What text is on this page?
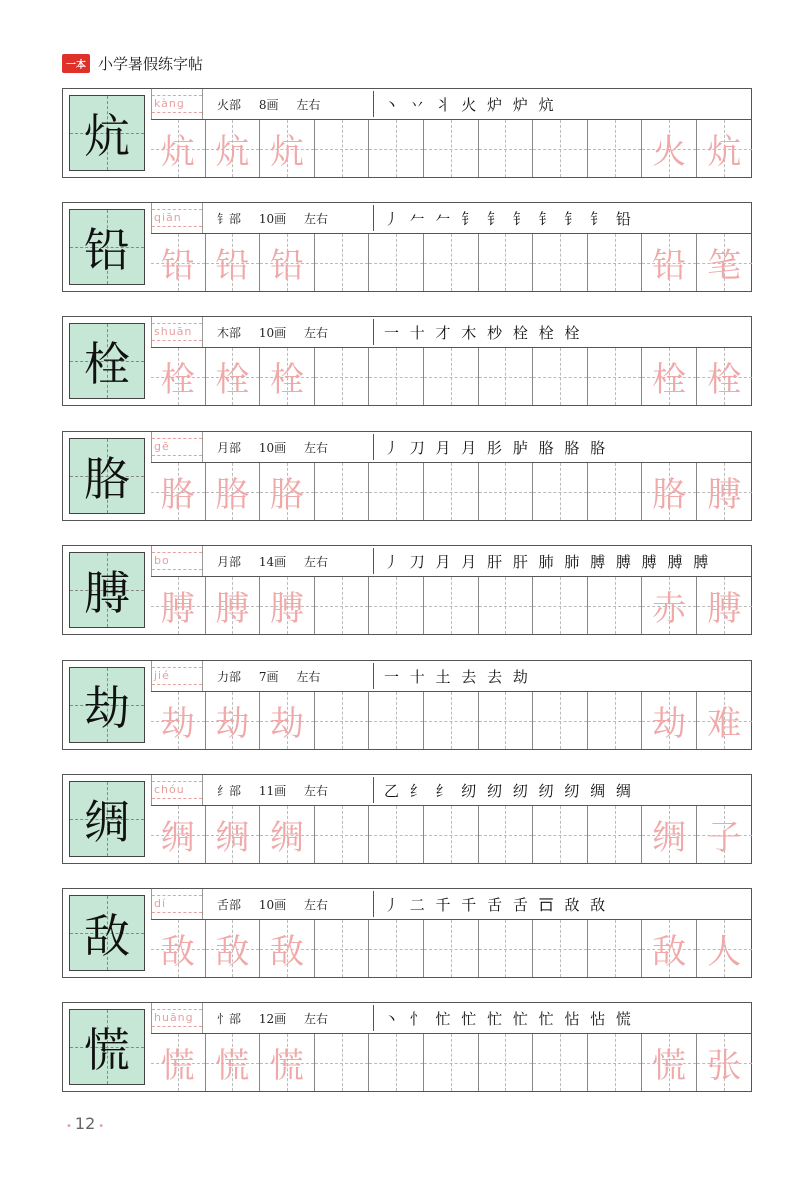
一本 小学暑假练字帖
炕
kàng	火部 8画 左右	丶 丷 丬 火 炉 炉 炕
炕 炕 炕	火 炕
铅
qiān	钅部 10画 左右	丿 𠂉 𠂉 钅 钅 钅 钅 钅 钅 铅
铅 铅 铅	铅 笔
栓
shuān 木部 10画 左右	一 十 才 木 杪 栓 栓 栓
栓 栓 栓	栓 栓
胳
gē	月部 10画 左右	丿 刀 月 月 肜 胪 胳 胳 胳
胳 胳 胳	胳 膊
膊
bo	月部 14画 左右	丿 刀 月 月 肝 肝 肺 肺 膊 膊 膊 膊 膊
膊 膊 膊	赤 膊
劫
jié	力部 7画 左右	一 十 土 去 去 劫
劫 劫 劫	劫 难
绸
chóu	纟部 11画 左右	乙 纟 纟 纫 纫 纫 纫 纫 绸 绸
绸 绸 绸	绸 子
敌
dí	舌部 10画 左右	丿 二 千 千 舌 舌 𠮛 敌 敌
敌 敌 敌	敌 人
慌
huāng 忄部 12画 左右	丶 忄 忙 忙 忙 忙 忙 怗 怗 慌
慌 慌 慌	慌 张
• 12 •
